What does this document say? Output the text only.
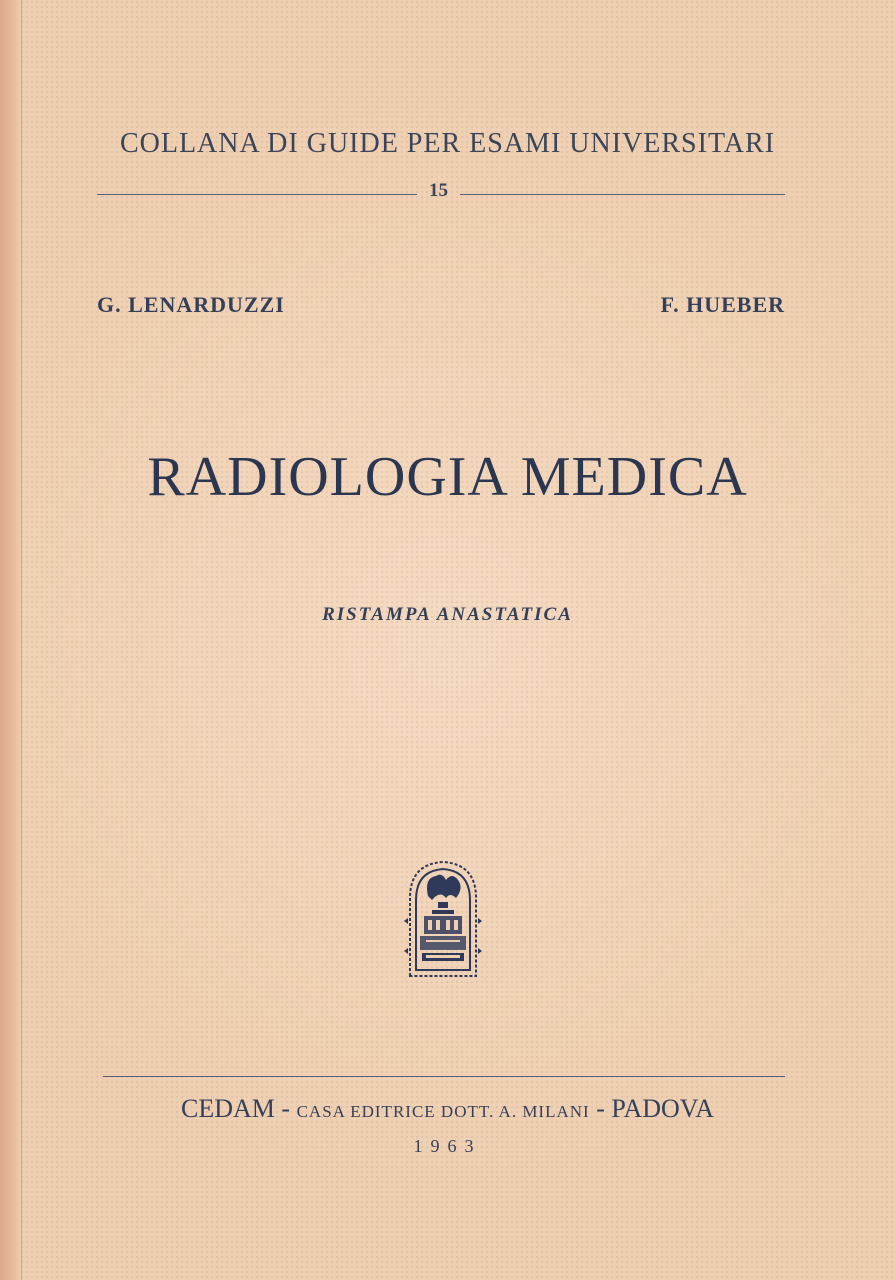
COLLANA DI GUIDE PER ESAMI UNIVERSITARI
15
G. LENARDUZZI	F. HUEBER
RADIOLOGIA MEDICA
RISTAMPA ANASTATICA
CEDAM - CASA EDITRICE DOTT. A. MILANI - PADOVA
1963
